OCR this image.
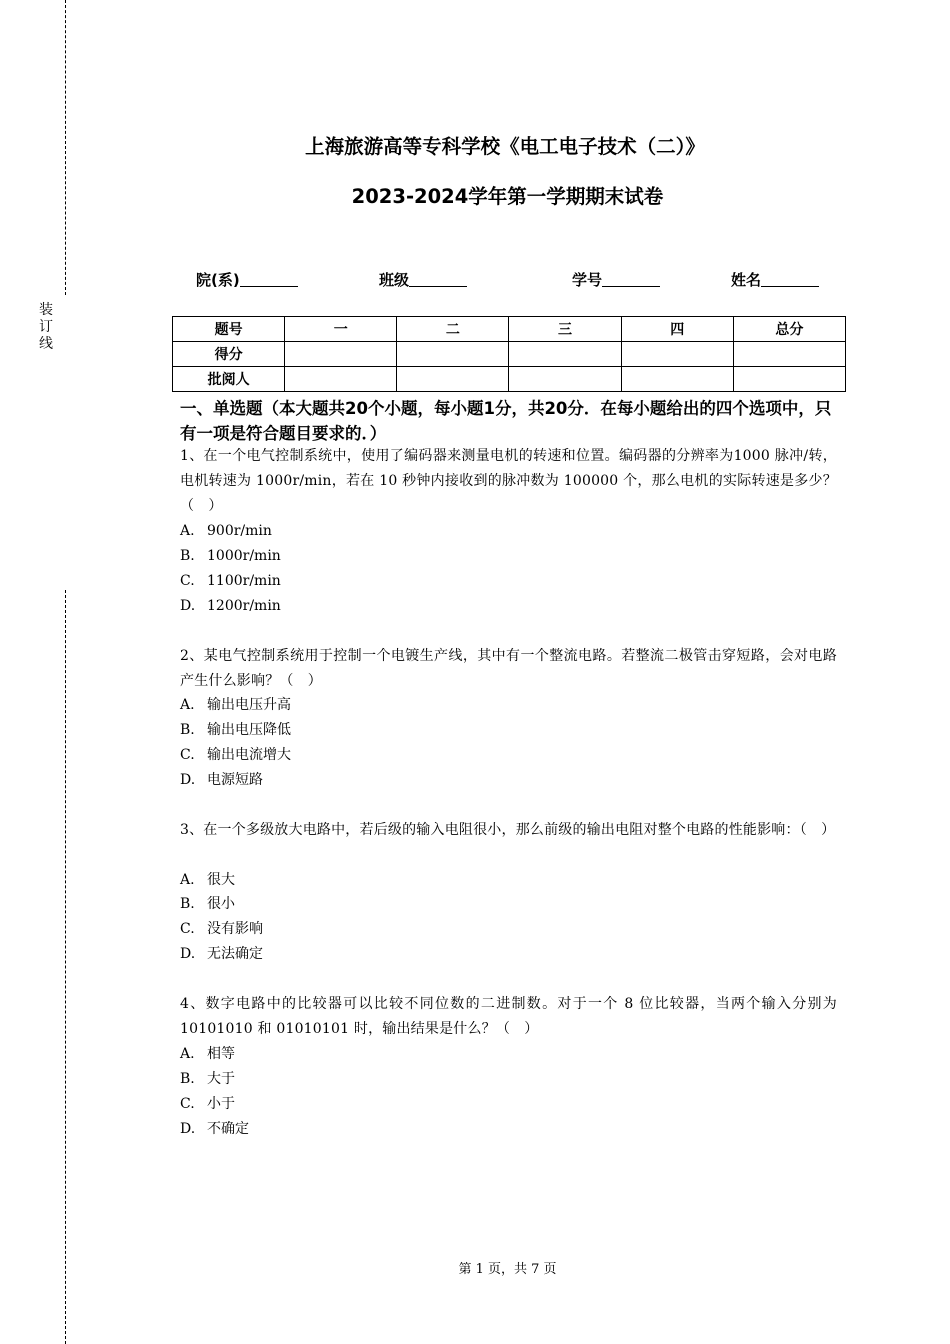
装订线
上海旅游高等专科学校《电工电子技术（二）》
2023-2024学年第一学期期末试卷
院(系)	班级	学号	姓名
题号	一	二	三	四	总分
得分					
批阅人					
一、单选题（本大题共20个小题，每小题1分，共20分．在每小题给出的四个选项中，只有一项是符合题目要求的．）
1、在一个电气控制系统中，使用了编码器来测量电机的转速和位置。编码器的分辨率为1000 脉冲/转，电机转速为 1000r/min，若在 10 秒钟内接收到的脉冲数为 100000 个，那么电机的实际转速是多少？（　）
A. 900r/min
B. 1000r/min
C. 1100r/min
D. 1200r/min
2、某电气控制系统用于控制一个电镀生产线，其中有一个整流电路。若整流二极管击穿短路，会对电路产生什么影响？（　）
A. 输出电压升高
B. 输出电压降低
C. 输出电流增大
D. 电源短路
3、在一个多级放大电路中，若后级的输入电阻很小，那么前级的输出电阻对整个电路的性能影响：（　）
A. 很大
B. 很小
C. 没有影响
D. 无法确定
4、数字电路中的比较器可以比较不同位数的二进制数。对于一个 8 位比较器，当两个输入分别为 10101010 和 01010101 时，输出结果是什么？（　）
A. 相等
B. 大于
C. 小于
D. 不确定
第 1 页，共 7 页
